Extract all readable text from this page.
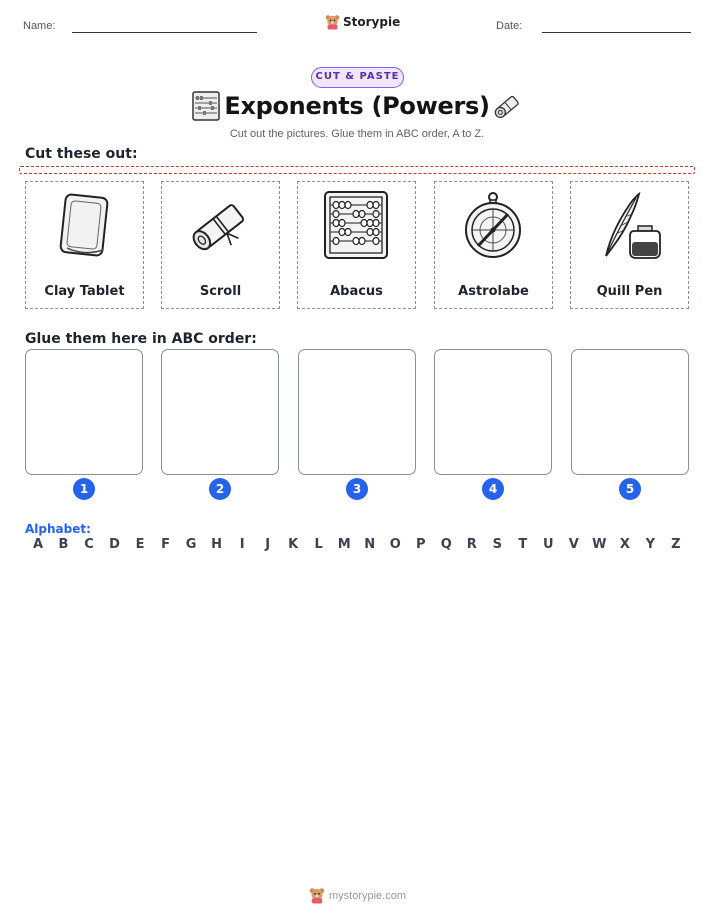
Name:	Storypie	Date:
CUT & PASTE
Exponents (Powers)
Cut out the pictures. Glue them in ABC order, A to Z.
Cut these out:
Clay Tablet	Scroll	Abacus	Astrolabe	Quill Pen
Glue them here in ABC order:
1	2	3	4	5
Alphabet:
A	B	C	D	E	F	G	H	I	J	K	L	M	N	O	P	Q	R	S	T	U	V	W	X	Y	Z
mystorypie.com
